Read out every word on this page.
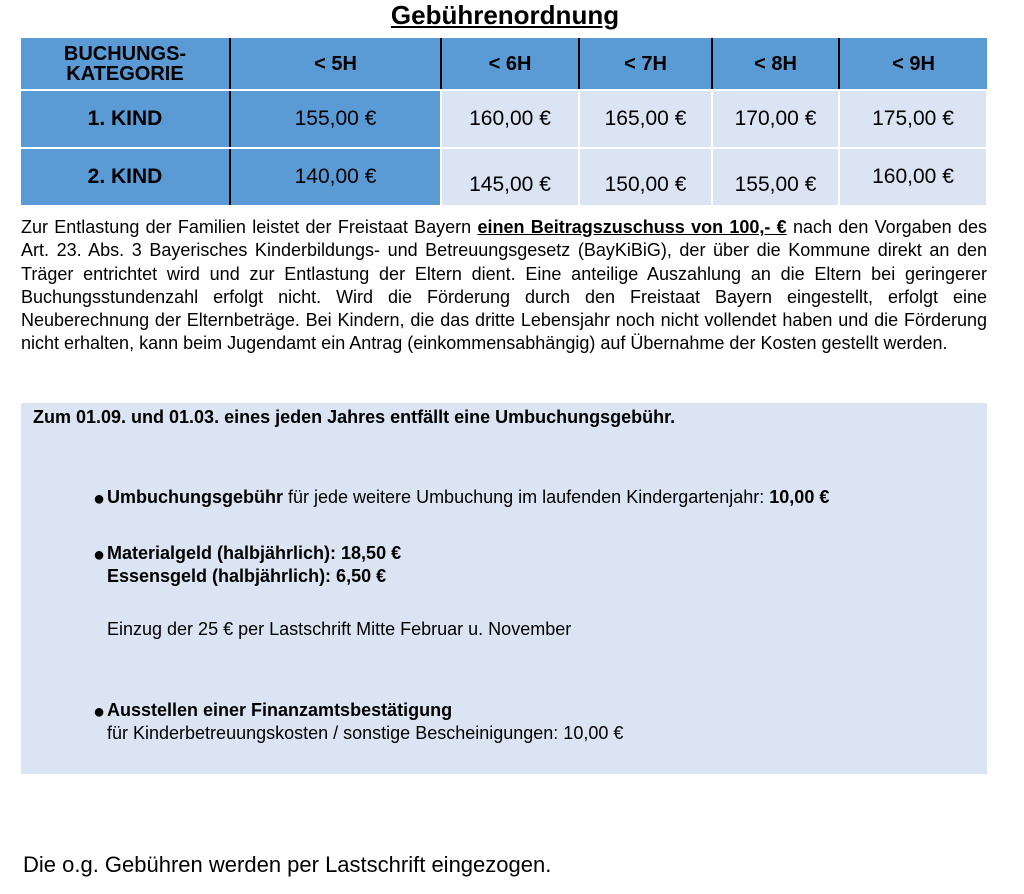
Gebührenordnung
BUCHUNGS-
KATEGORIE	< 5H	< 6H	< 7H	< 8H	< 9H
1. KIND	155,00 €	160,00 €	165,00 €	170,00 €	175,00 €
2. KIND	140,00 €	145,00 €	150,00 €	155,00 €	160,00 €
Zur Entlastung der Familien leistet der Freistaat Bayern einen Beitragszuschuss von 100,- € nach den Vorgaben des Art. 23. Abs. 3 Bayerisches Kinderbildungs- und Betreuungsgesetz (BayKiBiG), der über die Kommune direkt an den Träger entrichtet wird und zur Entlastung der Eltern dient. Eine anteilige Auszahlung an die Eltern bei geringerer Buchungsstundenzahl erfolgt nicht. Wird die Förderung durch den Freistaat Bayern eingestellt, erfolgt eine Neuberechnung der Elternbeträge. Bei Kindern, die das dritte Lebensjahr noch nicht vollendet haben und die Förderung nicht erhalten, kann beim Jugendamt ein Antrag (einkommensabhängig) auf Übernahme der Kosten gestellt werden.
Zum 01.09. und 01.03. eines jeden Jahres entfällt eine Umbuchungsgebühr.
● Umbuchungsgebühr für jede weitere Umbuchung im laufenden Kindergartenjahr: 10,00 €
● Materialgeld (halbjährlich): 18,50 €
Essensgeld (halbjährlich): 6,50 €
Einzug der 25 € per Lastschrift Mitte Februar u. November
● Ausstellen einer Finanzamtsbestätigung
für Kinderbetreuungskosten / sonstige Bescheinigungen: 10,00 €
Die o.g. Gebühren werden per Lastschrift eingezogen.
